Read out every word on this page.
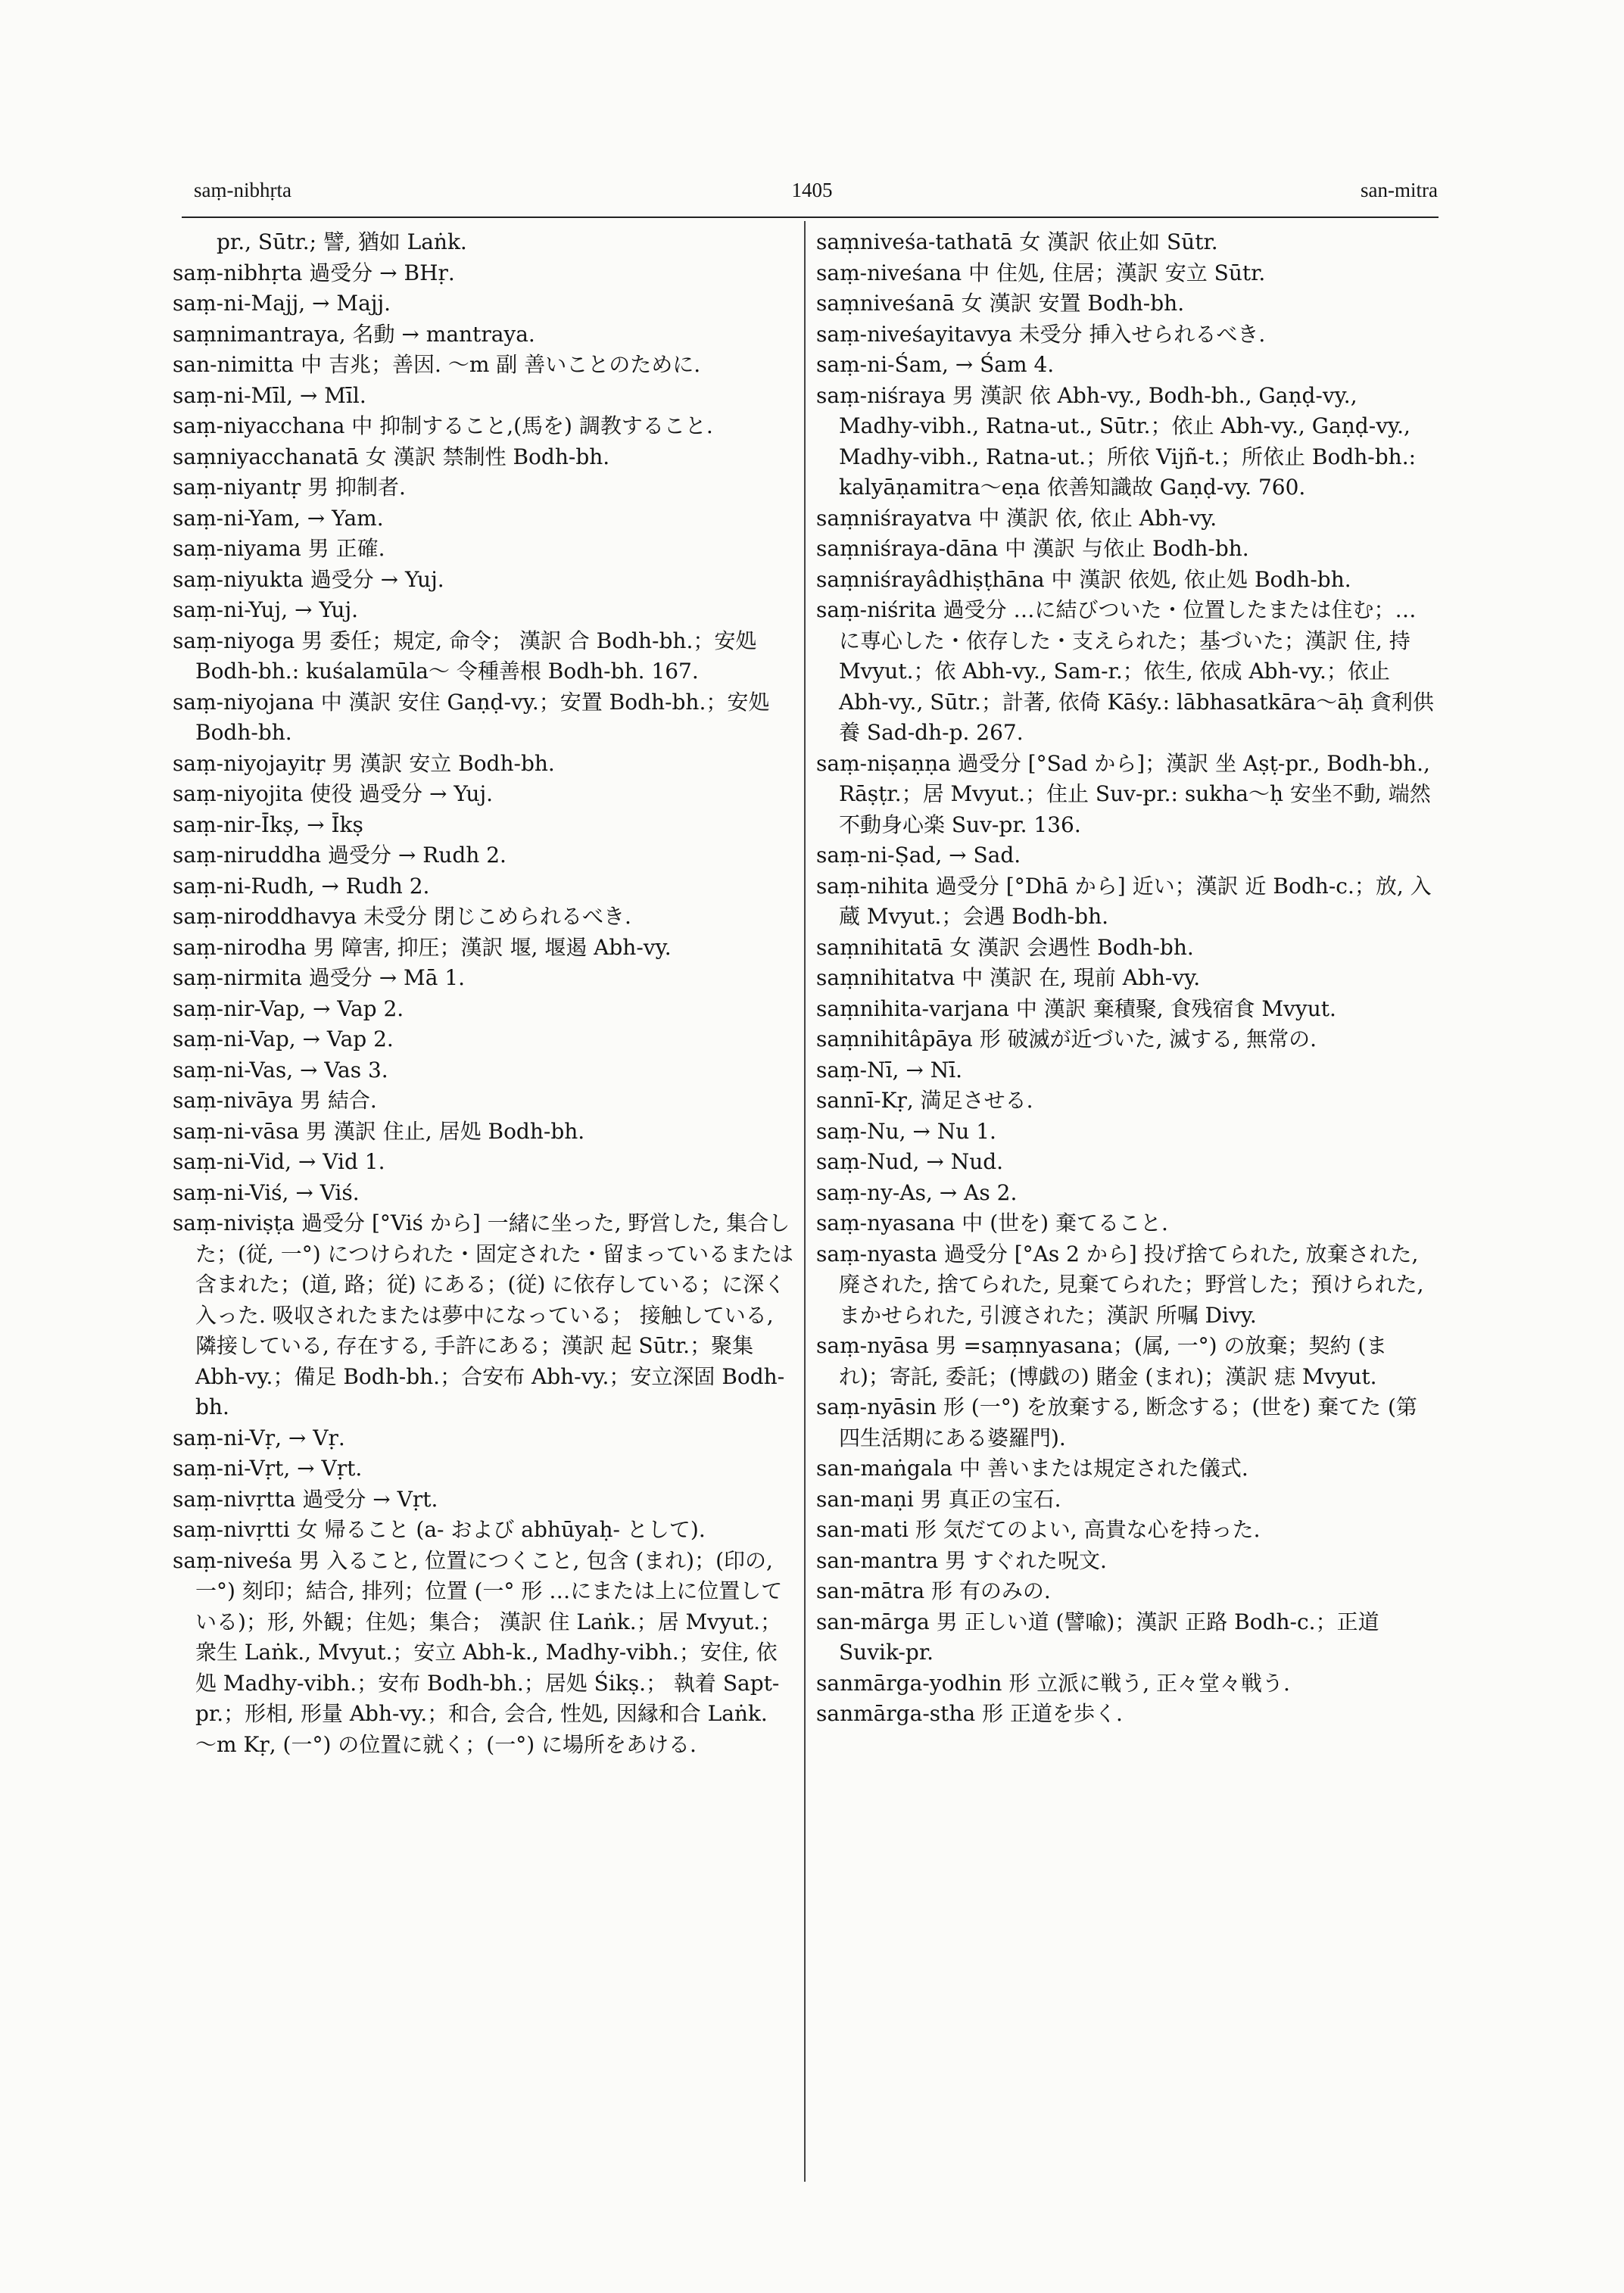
saṃ-nibhṛta	1405	san-mitra
pr., Sūtr.; 譬, 猶如 Laṅk.
saṃ-nibhṛta 過受分 → BHṛ.
saṃ-ni-Majj, → Majj.
saṃnimantraya, 名動 → mantraya.
san-nimitta 中 吉兆；善因. ～m 副 善いことのために.
saṃ-ni-Mīl, → Mīl.
saṃ-niyacchana 中 抑制すること,(馬を) 調教すること.
saṃniyacchanatā 女 漢訳 禁制性 Bodh-bh.
saṃ-niyantṛ 男 抑制者.
saṃ-ni-Yam, → Yam.
saṃ-niyama 男 正確.
saṃ-niyukta 過受分 → Yuj.
saṃ-ni-Yuj, → Yuj.
saṃ-niyoga 男 委任；規定, 命令； 漢訳 合 Bodh-bh.；安処 Bodh-bh.: kuśalamūla～ 令種善根 Bodh-bh. 167.
saṃ-niyojana 中 漢訳 安住 Gaṇḍ-vy.；安置 Bodh-bh.；安処 Bodh-bh.
saṃ-niyojayitṛ 男 漢訳 安立 Bodh-bh.
saṃ-niyojita 使役 過受分 → Yuj.
saṃ-nir-Īkṣ, → Īkṣ
saṃ-niruddha 過受分 → Rudh 2.
saṃ-ni-Rudh, → Rudh 2.
saṃ-niroddhavya 未受分 閉じこめられるべき.
saṃ-nirodha 男 障害, 抑圧；漢訳 堰, 堰遏 Abh-vy.
saṃ-nirmita 過受分 → Mā 1.
saṃ-nir-Vap, → Vap 2.
saṃ-ni-Vap, → Vap 2.
saṃ-ni-Vas, → Vas 3.
saṃ-nivāya 男 結合.
saṃ-ni-vāsa 男 漢訳 住止, 居処 Bodh-bh.
saṃ-ni-Vid, → Vid 1.
saṃ-ni-Viś, → Viś.
saṃ-niviṣṭa 過受分 [°Viś から] 一緒に坐った, 野営した, 集合した；(従, 一°) につけられた・固定された・留まっているまたは含まれた；(道, 路；従) にある；(従) に依存している；に深く入った. 吸収されたまたは夢中になっている； 接触している, 隣接している, 存在する, 手許にある；漢訳 起 Sūtr.；聚集 Abh-vy.；備足 Bodh-bh.；合安布 Abh-vy.；安立深固 Bodh-bh.
saṃ-ni-Vṛ, → Vṛ.
saṃ-ni-Vṛt, → Vṛt.
saṃ-nivṛtta 過受分 → Vṛt.
saṃ-nivṛtti 女 帰ること (a- および abhūyaḥ- として).
saṃ-niveśa 男 入ること, 位置につくこと, 包含 (まれ)；(印の, 一°) 刻印；結合, 排列；位置 (一° 形 …にまたは上に位置している)；形, 外観；住処；集合； 漢訳 住 Laṅk.；居 Mvyut.； 衆生 Laṅk., Mvyut.；安立 Abh-k., Madhy-vibh.；安住, 依処 Madhy-vibh.；安布 Bodh-bh.；居処 Śikṣ.； 執着 Sapt-pr.；形相, 形量 Abh-vy.；和合, 会合, 性処, 因縁和合 Laṅk. ～m Kṛ, (一°) の位置に就く；(一°) に場所をあける.
saṃniveśa-tathatā 女 漢訳 依止如 Sūtr.
saṃ-niveśana 中 住処, 住居；漢訳 安立 Sūtr.
saṃniveśanā 女 漢訳 安置 Bodh-bh.
saṃ-niveśayitavya 未受分 挿入せられるべき.
saṃ-ni-Śam, → Śam 4.
saṃ-niśraya 男 漢訳 依 Abh-vy., Bodh-bh., Gaṇḍ-vy., Madhy-vibh., Ratna-ut., Sūtr.；依止 Abh-vy., Gaṇḍ-vy., Madhy-vibh., Ratna-ut.；所依 Vijñ-t.；所依止 Bodh-bh.: kalyāṇamitra～eṇa 依善知識故 Gaṇḍ-vy. 760.
saṃniśrayatva 中 漢訳 依, 依止 Abh-vy.
saṃniśraya-dāna 中 漢訳 与依止 Bodh-bh.
saṃniśrayâdhiṣṭhāna 中 漢訳 依処, 依止処 Bodh-bh.
saṃ-niśrita 過受分 …に結びついた・位置したまたは住む；…に専心した・依存した・支えられた；基づいた；漢訳 住, 持 Mvyut.；依 Abh-vy., Sam-r.；依生, 依成 Abh-vy.；依止 Abh-vy., Sūtr.；計著, 依倚 Kāśy.: lābhasatkāra～āḥ 貪利供養 Sad-dh-p. 267.
saṃ-niṣaṇṇa 過受分 [°Sad から]；漢訳 坐 Aṣṭ-pr., Bodh-bh., Rāṣṭr.；居 Mvyut.；住止 Suv-pr.: sukha～ḥ 安坐不動, 端然不動身心楽 Suv-pr. 136.
saṃ-ni-Ṣad, → Sad.
saṃ-nihita 過受分 [°Dhā から] 近い；漢訳 近 Bodh-c.；放, 入蔵 Mvyut.；会遇 Bodh-bh.
saṃnihitatā 女 漢訳 会遇性 Bodh-bh.
saṃnihitatva 中 漢訳 在, 現前 Abh-vy.
saṃnihita-varjana 中 漢訳 棄積聚, 食残宿食 Mvyut.
saṃnihitâpāya 形 破滅が近づいた, 滅する, 無常の.
saṃ-Nī, → Nī.
sannī-Kṛ, 満足させる.
saṃ-Nu, → Nu 1.
saṃ-Nud, → Nud.
saṃ-ny-As, → As 2.
saṃ-nyasana 中 (世を) 棄てること.
saṃ-nyasta 過受分 [°As 2 から] 投げ捨てられた, 放棄された, 廃された, 捨てられた, 見棄てられた；野営した；預けられた, まかせられた, 引渡された；漢訳 所嘱 Divy.
saṃ-nyāsa 男 =saṃnyasana；(属, 一°) の放棄；契約 (まれ)；寄託, 委託；(博戯の) 賭金 (まれ)；漢訳 痣 Mvyut.
saṃ-nyāsin 形 (一°) を放棄する, 断念する；(世を) 棄てた (第四生活期にある婆羅門).
san-maṅgala 中 善いまたは規定された儀式.
san-maṇi 男 真正の宝石.
san-mati 形 気だてのよい, 高貴な心を持った.
san-mantra 男 すぐれた呪文.
san-mātra 形 有のみの.
san-mārga 男 正しい道 (譬喩)；漢訳 正路 Bodh-c.；正道 Suvik-pr.
sanmārga-yodhin 形 立派に戦う, 正々堂々戦う.
sanmārga-stha 形 正道を歩く.
